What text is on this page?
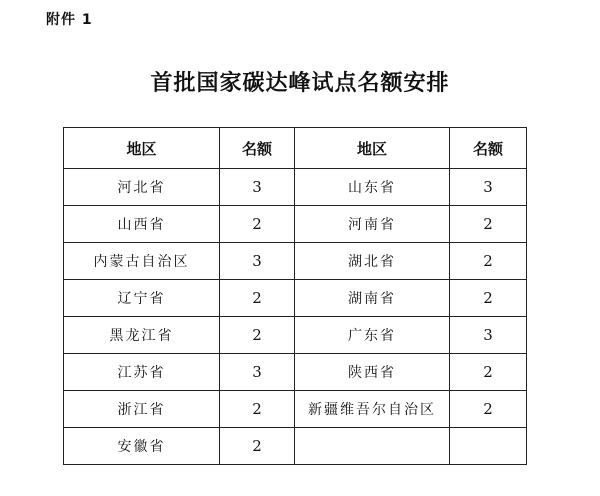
附件 1
首批国家碳达峰试点名额安排
地区	名额	地区	名额
河北省	3	山东省	3
山西省	2	河南省	2
内蒙古自治区	3	湖北省	2
辽宁省	2	湖南省	2
黑龙江省	2	广东省	3
江苏省	3	陕西省	2
浙江省	2	新疆维吾尔自治区	2
安徽省	2		
